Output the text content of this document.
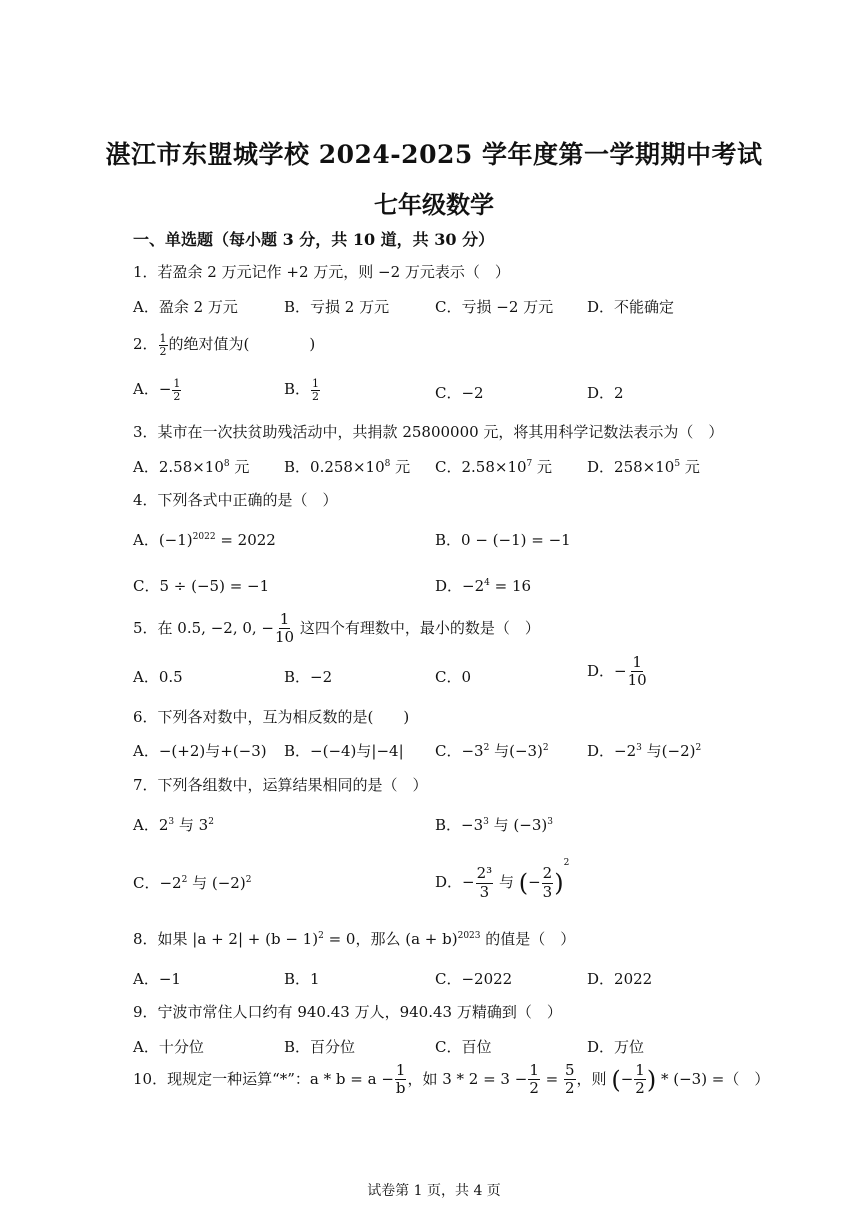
湛江市东盟城学校 2024-2025 学年度第一学期期中考试
七年级数学
一、单选题（每小题 3 分，共 10 道，共 30 分）
1．若盈余 2 万元记作 +2 万元，则 −2 万元表示（　）
A．盈余 2 万元	B．亏损 2 万元	C．亏损 −2 万元 D．不能确定
2． $\frac{1}{2}$ 的绝对值为(　　　　)
A．− $\frac{1}{2}$	B． $\frac{1}{2}$	C．−2	D．2
3．某市在一次扶贫助残活动中，共捐款 25800000 元，将其用科学记数法表示为（　）
A．$2.58\times 10^8$ 元 B．$0.258\times 10^8$ 元 C．$2.58\times 10^7$ 元 D．$258\times 10^5$ 元
4．下列各式中正确的是（　）
A．$(-1)^{2022} = 2022$	B．0 − (−1) = −1
C．5 ÷ (−5) = −1	D．$-2^4 = 16$
5．在 0.5, −2, 0, − $\frac{1}{10}$ 这四个有理数中，最小的数是（　）
A．0.5	B．−2	C．0	D．− $\frac{1}{10}$
6．下列各对数中，互为相反数的是(　　)
A．−(+2)与+(−3) B．−(−4)与|−4| C．$-3^2$ 与$(-3)^2$	D．$-2^3$ 与$(-2)^2$
7．下列各组数中，运算结果相同的是（　）
A．$2^3$ 与 $3^2$	B．$-3^3$ 与 $(-3)^3$
C．$-2^2$ 与 $(-2)^2$	D．− $\frac{\text{2³}}{3}$ 与 (− $\frac{2}{3} )^2$
8．如果 $|a + 2| + (b - 1)^2 = 0$，那么 $(a + b)^{2023}$ 的值是（　）
A．−1	B．1	C．−2022	D．2022
9．宁波市常住人口约有 940.43 万人，940.43 万精确到（　）
A．十分位	B．百分位	C．百位	D．万位
10．现规定一种运算“*”：$a * b = a - \frac{1}{b}$ ，如 $3 * 2 = 3 - \frac{1}{2} = \frac{5}{2}$ ，则 (− $\frac{1}{2}$ ) * (−3) =（　）
试卷第 1 页，共 4 页
